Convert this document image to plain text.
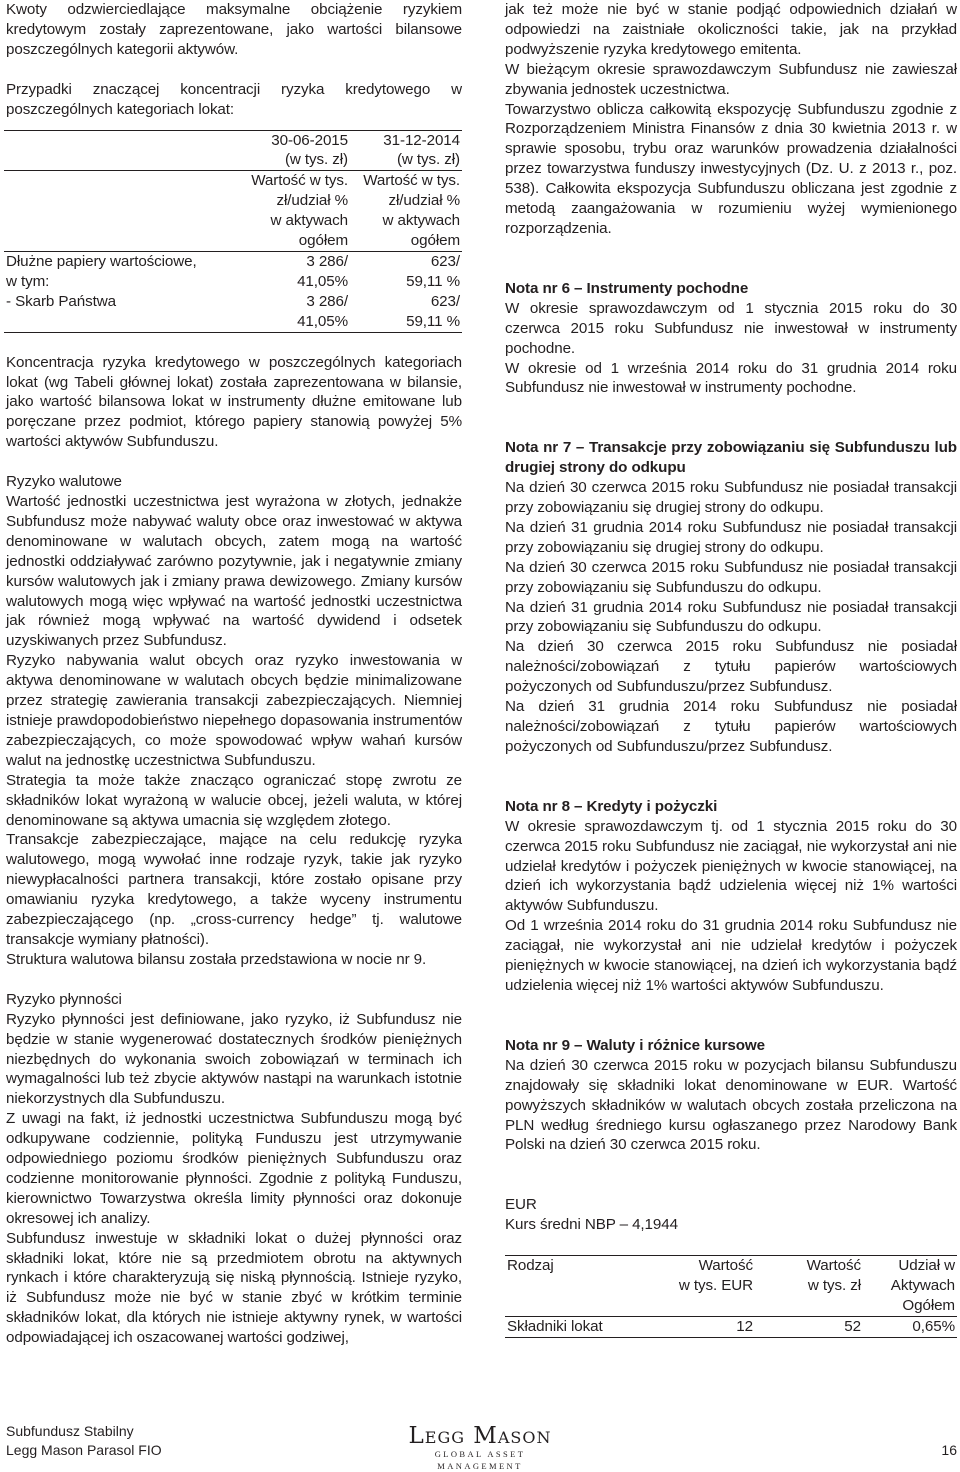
Kwoty odzwierciedlające maksymalne obciążenie ryzykiem kredytowym zostały zaprezentowane, jako wartości bilansowe poszczególnych kategorii aktywów.

Przypadki znaczącej koncentracji ryzyka kredytowego w poszczególnych kategoriach lokat:

	30-06-2015	31-12-2014
	(w tys. zł)	(w tys. zł)
	Wartość w tys.	Wartość w tys.
	zł/udział %	zł/udział %
	w aktywach	w aktywach
	ogółem	ogółem
Dłużne papiery wartościowe,	3 286/	623/
w tym:	41,05%	59,11 %
- Skarb Państwa	3 286/	623/
	41,05%	59,11 %

Koncentracja ryzyka kredytowego w poszczególnych kategoriach lokat (wg Tabeli głównej lokat) została zaprezentowana w bilansie, jako wartość bilansowa lokat w instrumenty dłużne emitowane lub poręczane przez podmiot, którego papiery stanowią powyżej 5% wartości aktywów Subfunduszu.

Ryzyko walutowe

Wartość jednostki uczestnictwa jest wyrażona w złotych, jednakże Subfundusz może nabywać waluty obce oraz inwestować w aktywa denominowane w walutach obcych, zatem mogą na wartość jednostki oddziaływać zarówno pozytywnie, jak i negatywnie zmiany kursów walutowych jak i zmiany prawa dewizowego. Zmiany kursów walutowych mogą więc wpływać na wartość jednostki uczestnictwa jak również mogą wpływać na wartość dywidend i odsetek uzyskiwanych przez Subfundusz.

Ryzyko nabywania walut obcych oraz ryzyko inwestowania w aktywa denominowane w walutach obcych będzie minimalizowane przez strategię zawierania transakcji zabezpieczających. Niemniej istnieje prawdopodobieństwo niepełnego dopasowania instrumentów zabezpieczających, co może spowodować wpływ wahań kursów walut na jednostkę uczestnictwa Subfunduszu.

Strategia ta może także znacząco ograniczać stopę zwrotu ze składników lokat wyrażoną w walucie obcej, jeżeli waluta, w której denominowane są aktywa umacnia się względem złotego.

Transakcje zabezpieczające, mające na celu redukcję ryzyka walutowego, mogą wywołać inne rodzaje ryzyk, takie jak ryzyko niewypłacalności partnera transakcji, które zostało opisane przy omawianiu ryzyka kredytowego, a także wyceny instrumentu zabezpieczającego (np. „cross-currency hedge” tj. walutowe transakcje wymiany płatności).

Struktura walutowa bilansu została przedstawiona w nocie nr 9.

Ryzyko płynności

Ryzyko płynności jest definiowane, jako ryzyko, iż Subfundusz nie będzie w stanie wygenerować dostatecznych środków pieniężnych niezbędnych do wykonania swoich zobowiązań w terminach ich wymagalności lub też zbycie aktywów nastąpi na warunkach istotnie niekorzystnych dla Subfunduszu.

Z uwagi na fakt, iż jednostki uczestnictwa Subfunduszu mogą być odkupywane codziennie, polityką Funduszu jest utrzymywanie odpowiedniego poziomu środków pieniężnych Subfunduszu oraz codzienne monitorowanie płynności. Zgodnie z polityką Funduszu, kierownictwo Towarzystwa określa limity płynności oraz dokonuje okresowej ich analizy.

Subfundusz inwestuje w składniki lokat o dużej płynności oraz składniki lokat, które nie są przedmiotem obrotu na aktywnych rynkach i które charakteryzują się niską płynnością. Istnieje ryzyko, iż Subfundusz może nie być w stanie zbyć w krótkim terminie składników lokat, dla których nie istnieje aktywny rynek, w wartości odpowiadającej ich oszacowanej wartości godziwej,

jak też może nie być w stanie podjąć odpowiednich działań w odpowiedzi na zaistniałe okoliczności takie, jak na przykład podwyższenie ryzyka kredytowego emitenta.

W bieżącym okresie sprawozdawczym Subfundusz nie zawieszał zbywania jednostek uczestnictwa.

Towarzystwo oblicza całkowitą ekspozycję Subfunduszu zgodnie z Rozporządzeniem Ministra Finansów z dnia 30 kwietnia 2013 r. w sprawie sposobu, trybu oraz warunków prowadzenia działalności przez towarzystwa funduszy inwestycyjnych (Dz. U. z 2013 r., poz. 538). Całkowita ekspozycja Subfunduszu obliczana jest zgodnie z metodą zaangażowania w rozumieniu wyżej wymienionego rozporządzenia.

Nota nr 6 – Instrumenty pochodne

W okresie sprawozdawczym od 1 stycznia 2015 roku do 30 czerwca 2015 roku Subfundusz nie inwestował w instrumenty pochodne.

W okresie od 1 września 2014 roku do 31 grudnia 2014 roku Subfundusz nie inwestował w instrumenty pochodne.

Nota nr 7 – Transakcje przy zobowiązaniu się Subfunduszu lub drugiej strony do odkupu

Na dzień 30 czerwca 2015 roku Subfundusz nie posiadał transakcji przy zobowiązaniu się drugiej strony do odkupu.

Na dzień 31 grudnia 2014 roku Subfundusz nie posiadał transakcji przy zobowiązaniu się drugiej strony do odkupu.

Na dzień 30 czerwca 2015 roku Subfundusz nie posiadał transakcji przy zobowiązaniu się Subfunduszu do odkupu.

Na dzień 31 grudnia 2014 roku Subfundusz nie posiadał transakcji przy zobowiązaniu się Subfunduszu do odkupu.

Na dzień 30 czerwca 2015 roku Subfundusz nie posiadał należności/zobowiązań z tytułu papierów wartościowych pożyczonych od Subfunduszu/przez Subfundusz.

Na dzień 31 grudnia 2014 roku Subfundusz nie posiadał należności/zobowiązań z tytułu papierów wartościowych pożyczonych od Subfunduszu/przez Subfundusz.

Nota nr 8 – Kredyty i pożyczki

W okresie sprawozdawczym tj. od 1 stycznia 2015 roku do 30 czerwca 2015 roku Subfundusz nie zaciągał, nie wykorzystał ani nie udzielał kredytów i pożyczek pieniężnych w kwocie stanowiącej, na dzień ich wykorzystania bądź udzielenia więcej niż 1% wartości aktywów Subfunduszu.

Od 1 września 2014 roku do 31 grudnia 2014 roku Subfundusz nie zaciągał, nie wykorzystał ani nie udzielał kredytów i pożyczek pieniężnych w kwocie stanowiącej, na dzień ich wykorzystania bądź udzielenia więcej niż 1% wartości aktywów Subfunduszu.

Nota nr 9 – Waluty i różnice kursowe

Na dzień 30 czerwca 2015 roku w pozycjach bilansu Subfunduszu znajdowały się składniki lokat denominowane w EUR. Wartość powyższych składników w walutach obcych została przeliczona na PLN według średniego kursu ogłaszanego przez Narodowy Bank Polski na dzień 30 czerwca 2015 roku.

EUR

Kurs średni NBP – 4,1944

Rodzaj	Wartość	Wartość	Udział w
	w tys. EUR	w tys. zł	Aktywach
			Ogółem
Składniki lokat	12	52	0,65%
Subfundusz Stabilny
Legg Mason Parasol FIO
Legg Mason
GLOBAL ASSET MANAGEMENT
16
